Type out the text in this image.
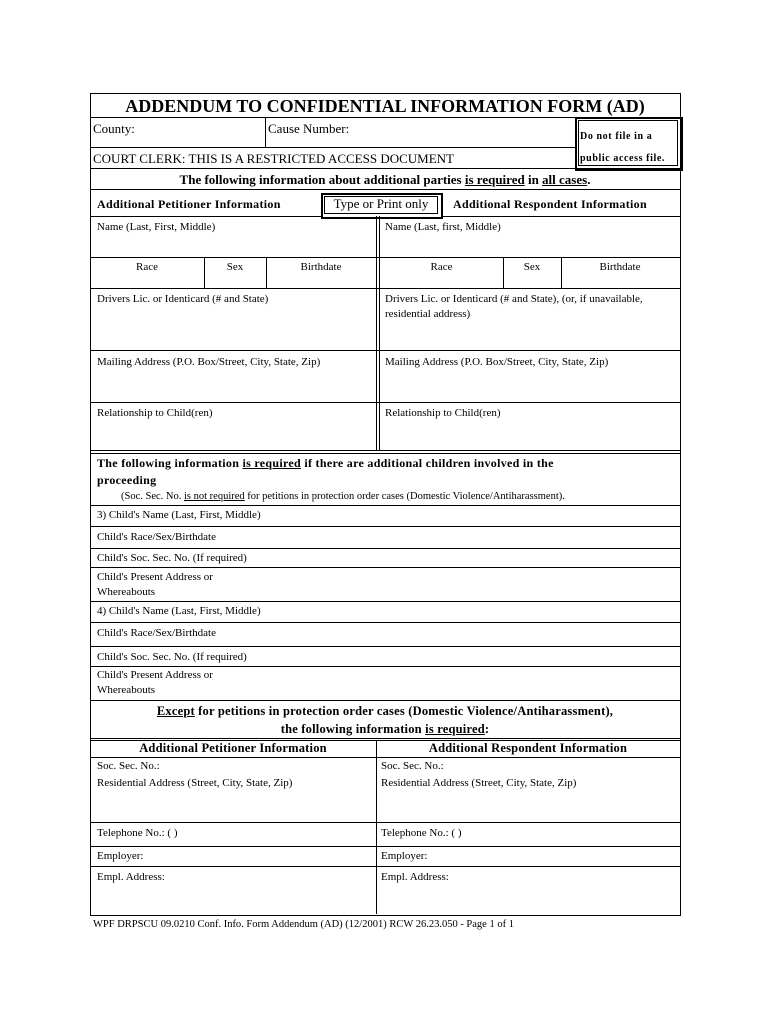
ADDENDUM TO CONFIDENTIAL INFORMATION FORM (AD)
County:	Cause Number:
Do not file in a
public access file.
COURT CLERK: THIS IS A RESTRICTED ACCESS DOCUMENT
The following information about additional parties is required in all cases.
Additional Petitioner Information	Type or Print only	Additional Respondent Information
Name (Last, First, Middle)	Name (Last, first, Middle)
Race	Sex	Birthdate	Race	Sex	Birthdate
Drivers Lic. or Identicard (# and State)	Drivers Lic. or Identicard (# and State), (or, if unavailable,
residential address)
Mailing Address (P.O. Box/Street, City, State, Zip)	Mailing Address (P.O. Box/Street, City, State, Zip)
Relationship to Child(ren)	Relationship to Child(ren)
The following information is required if there are additional children involved in the
proceeding
(Soc. Sec. No. is not required for petitions in protection order cases (Domestic Violence/Antiharassment).
3) Child's Name (Last, First, Middle)
Child's Race/Sex/Birthdate
Child's Soc. Sec. No. (If required)
Child's Present Address or
Whereabouts
4) Child's Name (Last, First, Middle)
Child's Race/Sex/Birthdate
Child's Soc. Sec. No. (If required)
Child's Present Address or
Whereabouts
Except for petitions in protection order cases (Domestic Violence/Antiharassment),
the following information is required:
Additional Petitioner Information	Additional Respondent Information
Soc. Sec. No.:	Soc. Sec. No.:
Residential Address (Street, City, State, Zip)	Residential Address (Street, City, State, Zip)
Telephone No.: ( )	Telephone No.: ( )
Employer:	Employer:
Empl. Address:	Empl. Address:
WPF DRPSCU 09.0210 Conf. Info. Form Addendum (AD) (12/2001) RCW 26.23.050 - Page 1 of 1
